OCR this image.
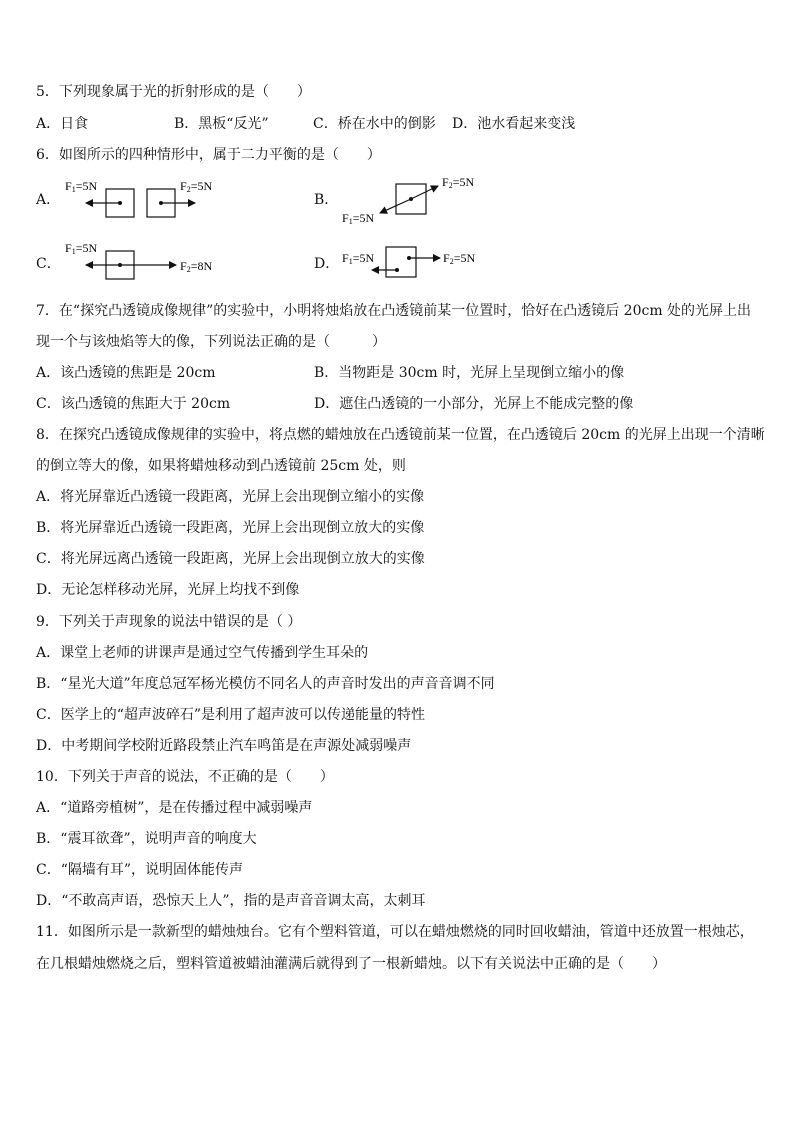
5．下列现象属于光的折射形成的是（　　）
A．日食	B．黑板“反光”	C．桥在水中的倒影 D．池水看起来变浅
6．如图所示的四种情形中，属于二力平衡的是（　　）
A．	B．
C．	D．
F1=5N	F2=5N	F2=5N
F1=5N
F1=5N
F2=8N
F1=5N	F2=5N
7．在“探究凸透镜成像规律”的实验中，小明将烛焰放在凸透镜前某一位置时，恰好在凸透镜后 20cm 处的光屏上出
现一个与该烛焰等大的像，下列说法正确的是（　　　）
A．该凸透镜的焦距是 20cm	B．当物距是 30cm 时，光屏上呈现倒立缩小的像
C．该凸透镜的焦距大于 20cm	D．遮住凸透镜的一小部分，光屏上不能成完整的像
8．在探究凸透镜成像规律的实验中，将点燃的蜡烛放在凸透镜前某一位置，在凸透镜后 20cm 的光屏上出现一个清晰
的倒立等大的像，如果将蜡烛移动到凸透镜前 25cm 处，则
A．将光屏靠近凸透镜一段距离，光屏上会出现倒立缩小的实像
B．将光屏靠近凸透镜一段距离，光屏上会出现倒立放大的实像
C．将光屏远离凸透镜一段距离，光屏上会出现倒立放大的实像
D．无论怎样移动光屏，光屏上均找不到像
9．下列关于声现象的说法中错误的是（ ）
A．课堂上老师的讲课声是通过空气传播到学生耳朵的
B．“星光大道”年度总冠军杨光模仿不同名人的声音时发出的声音音调不同
C．医学上的“超声波碎石”是利用了超声波可以传递能量的特性
D．中考期间学校附近路段禁止汽车鸣笛是在声源处减弱噪声
10．下列关于声音的说法，不正确的是（　　）
A．“道路旁植树”，是在传播过程中减弱噪声
B．“震耳欲聋”，说明声音的响度大
C．“隔墙有耳”，说明固体能传声
D．“不敢高声语，恐惊天上人”，指的是声音音调太高，太刺耳
11．如图所示是一款新型的蜡烛烛台。它有个塑料管道，可以在蜡烛燃烧的同时回收蜡油，管道中还放置一根烛芯，
在几根蜡烛燃烧之后，塑料管道被蜡油灌满后就得到了一根新蜡烛。以下有关说法中正确的是（　　）
